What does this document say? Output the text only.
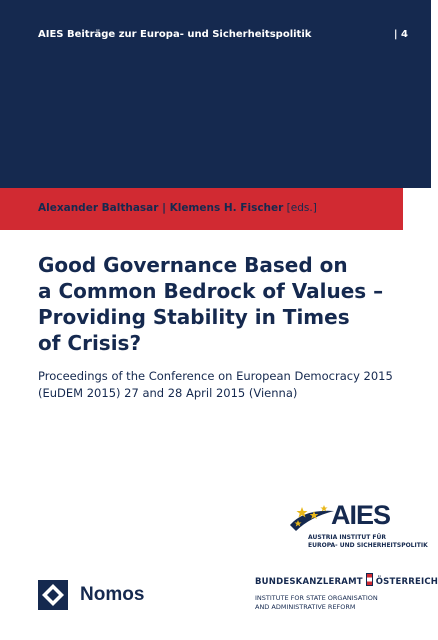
AIES Beiträge zur Europa- und Sicherheitspolitik	| 4
Alexander Balthasar | Klemens H. Fischer [eds.]
Good Governance Based on
a Common Bedrock of Values –
Providing Stability in Times
of Crisis?
Proceedings of the Conference on European Democracy 2015
(EuDEM 2015) 27 and 28 April 2015 (Vienna)
AIES
AUSTRIA INSTITUT FÜR
EUROPA- UND SICHERHEITSPOLITIK
BUNDESKANZLERAMT ÖSTERREICH
INSTITUTE FOR STATE ORGANISATION
AND ADMINISTRATIVE REFORM
Nomos
